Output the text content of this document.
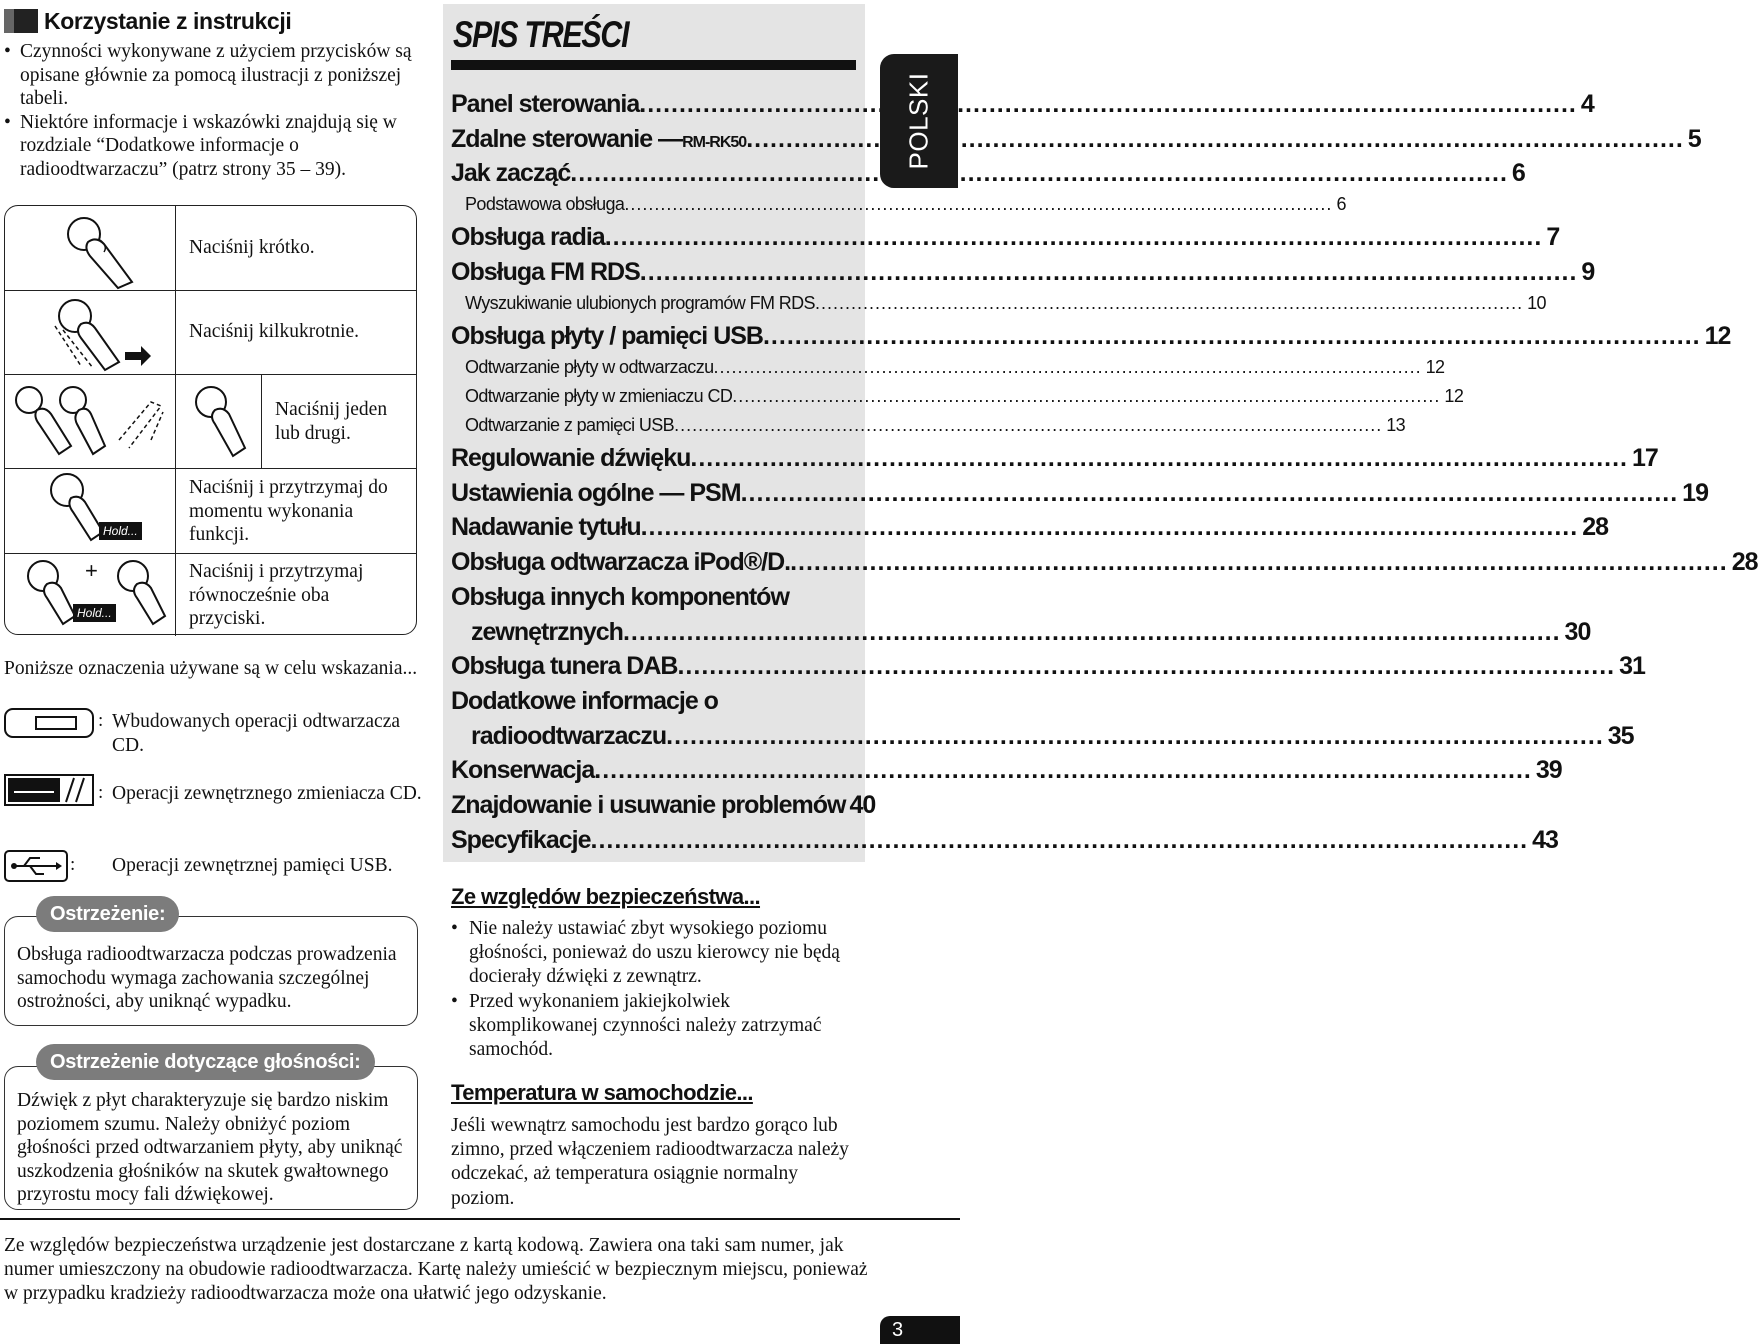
Korzystanie z instrukcji
• Czynności wykonywane z użyciem przycisków są opisane głównie za pomocą ilustracji z poniższej tabeli.
• Niektóre informacje i wskazówki znajdują się w rozdziale “Dodatkowe informacje o radioodtwarzaczu” (patrz strony 35 – 39).
Naciśnij krótko.
Naciśnij kilkukrotnie.
Naciśnij jeden lub drugi.
Hold...
Naciśnij i przytrzymaj do momentu wykonania funkcji.
+
Hold...
Naciśnij i przytrzymaj równocześnie oba przyciski.
Poniższe oznaczenia używane są w celu wskazania...
: Wbudowanych operacji odtwarzacza CD.
: Operacji zewnętrznego zmieniacza CD.
: Operacji zewnętrznej pamięci USB.
Obsługa radioodtwarzacza podczas prowadzenia samochodu wymaga zachowania szczególnej ostrożności, aby uniknąć wypadku.
Ostrzeżenie:
Dźwięk z płyt charakteryzuje się bardzo niskim poziomem szumu. Należy obniżyć poziom głośności przed odtwarzaniem płyty, aby uniknąć uszkodzenia głośników na skutek gwałtownego przyrostu mocy fali dźwiękowej.
Ostrzeżenie dotyczące głośności:
SPIS TREŚCI
Panel sterowania .....	4
Zdalne sterowanie — RM-RK50 .....	5
Jak zacząć .....	6
Podstawowa obsługa .....	6
Obsługa radia .....	7
Obsługa FM RDS .....	9
Wyszukiwanie ulubionych programów FM RDS .....	10
Obsługa płyty / pamięci USB .....	12
Odtwarzanie płyty w odtwarzaczu .....	12
Odtwarzanie płyty w zmieniaczu CD .....	12
Odtwarzanie z pamięci USB .....	13
Regulowanie dźwięku .....	17
Ustawienia ogólne — PSM .....	19
Nadawanie tytułu .....	28
Obsługa odtwarzacza iPod®/D. .....	28
Obsługa innych komponentów
zewnętrznych .....	30
Obsługa tunera DAB .....	31
Dodatkowe informacje o
radioodtwarzaczu .....	35
Konserwacja .....	39
Znajdowanie i usuwanie problemów 40
Specyfikacje .....	43
POLSKI
Ze względów bezpieczeństwa...
• Nie należy ustawiać zbyt wysokiego poziomu głośności, ponieważ do uszu kierowcy nie będą docierały dźwięki z zewnątrz.
• Przed wykonaniem jakiejkolwiek skomplikowanej czynności należy zatrzymać samochód.
Temperatura w samochodzie...
Jeśli wewnątrz samochodu jest bardzo gorąco lub zimno, przed włączeniem radioodtwarzacza należy odczekać, aż temperatura osiągnie normalny poziom.
Ze względów bezpieczeństwa urządzenie jest dostarczane z kartą kodową. Zawiera ona taki sam numer, jak numer umieszczony na obudowie radioodtwarzacza. Kartę należy umieścić w bezpiecznym miejscu, ponieważ w przypadku kradzieży radioodtwarzacza może ona ułatwić jego odzyskanie.
3
